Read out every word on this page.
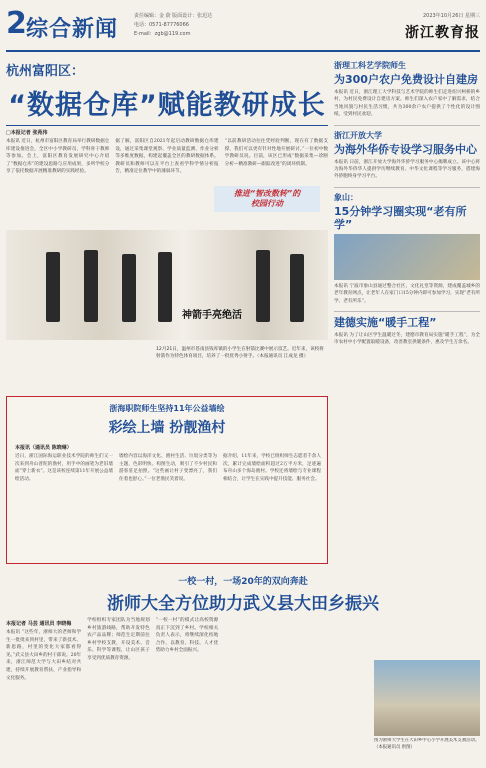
2 综合新闻
责任编辑：金 蔚 版面设计：张迅达
电话：0571-87776066
E-mail：zgb@119.com
2023年10月26日 星期三
浙江教育报
杭州富阳区：
“数据仓库”赋能教研成长
□本报记者 张苑伟

本报讯 近日，杭州市富阳区教育局举行教研数据仓库建设推进会，全区中小学教研员、学科骨干教师等参加。会上，富阳区教育发展研究中心介绍了“数据仓库”的建设思路与应用成果，多所学校分享了依托数据开展精准教研的实践经验。

据了解，富阳区自2021年起启动教研数据仓库建设，通过采集课堂观察、学业质量监测、作业分析等多维度数据，构建起覆盖全区的教研数据体系。教研员和教师可以在平台上查看学科学情分析报告，精准定位教学中的薄弱环节。

“以前教研活动往往凭经验判断，现在有了数据支撑，我们可以更有针对性地开展研讨。”一位初中数学教研员说。目前，该区已形成“数据采集—诊断分析—精准教研—跟踪改进”的闭环机制。

推进“智改数转”的
校园行动
神箭手亮绝活
12月21日，温州市苍南县钱库镇的小学生在射箭比赛中展示技艺。近年来，该校将射箭作为特色体育项目，培养了一批优秀小射手。（本报通讯员 江成龙 摄）
浙海职院师生坚持11年公益墙绘
彩绘上墙 扮靓渔村
本报讯（通讯员 陈晓琳）

近日，浙江国际海运职业技术学院的师生们又一次来到舟山普陀的渔村，用手中的画笔为老旧墙面“穿上新衣”。这是该校连续第11年开展公益墙绘活动。

墙绘内容以海洋文化、渔村生活、垃圾分类等为主题，色彩明快、构图生动，吸引了不少村民和游客驻足拍照。“这些画让村子变漂亮了，我们住着也舒心。”一位老渔民笑着说。

据介绍，11年来，学校已组织师生志愿者千余人次，累计完成墙绘面积超过2万平方米，足迹遍布舟山多个海岛渔村。学校还将墙绘与专业课程相结合，让学生在实践中提升技能、服务社会。

一校一村，一场20年的双向奔赴
浙师大全方位助力武义县大田乡振兴
本报记者 马芸 通讯员 李晓梅

本报讯 “这些年，浙师大的老师和学生一批批来到村里，带来了新技术、新思路，村里的变化大家都看得见。”武义县大田乡的村干部说。20年来，浙江师范大学与大田乡结对共建，持续开展教育帮扶、产业指导和文化服务。

学校组织专家团队为当地规划乡村旅游线路，帮助开发特色农产品品牌；师范生定期前往乡村学校支教，开设美术、音乐、科学等课程，让山区孩子享受到优质教育资源。

“一校一村”的模式让高校资源真正下沉到了乡村。学校相关负责人表示，将继续深化校地合作，以教育、科技、人才优势助力乡村全面振兴。

图为浙师大学生在大田乡中心小学开展美术支教活动。（本报通讯员 供图）
浙理工科艺学院师生
为300户农户免费设计自建房

本报讯 近日，浙江理工大学科技与艺术学院的师生们走进绍兴柯桥的乡村，为村民免费设计自建房方案。师生们深入农户家中了解需求，结合当地风貌与村民生活习惯，共为300余户农户提供了个性化的设计图纸，受到村民欢迎。

浙江开放大学
为海外华侨专设学习服务中心

本报讯 日前，浙江开放大学海外华侨学习服务中心揭牌成立。该中心将为海外华侨华人提供学历继续教育、中华文化课程等学习服务，搭建海外侨胞终身学习平台。

象山：
15分钟学习圈实现“老有所学”

本报讯 宁波市象山县通过整合社区、文化礼堂等资源，建成覆盖城乡的老年教育网点，让老年人在家门口15分钟内即可参加学习，实现“老有所学、老有所乐”。

建德实施“暖手工程”

本报讯 为了让山区学生温暖过冬，建德市教育局实施“暖手工程”，为全市农村中小学配置取暖设备，改善教室供暖条件，惠及学生万余名。
